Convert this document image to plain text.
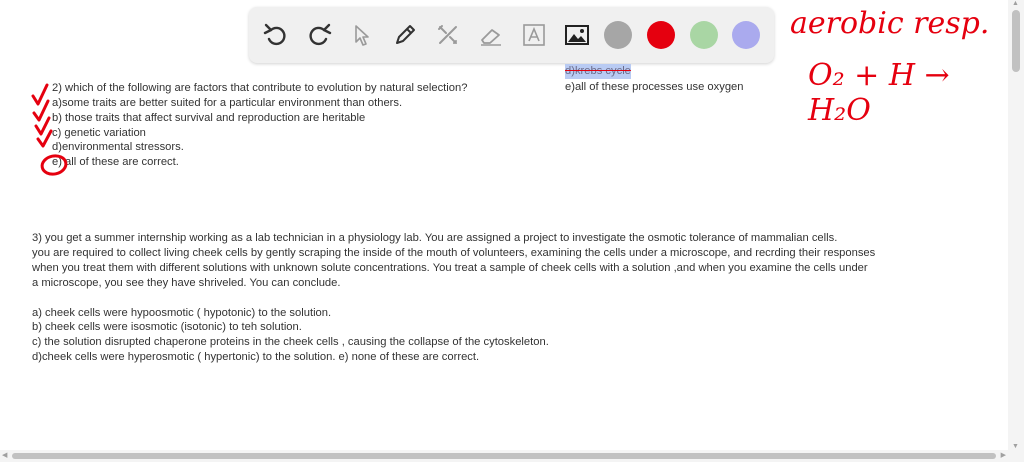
d)krebs cycle
e)all of these processes use oxygen
2) which of the following are factors that contribute to evolution by natural selection?
a)some traits are better suited for a particular environment than others.
b) those traits that affect survival and reproduction are heritable
c) genetic variation
d)environmental stressors.
e) all of these are correct.
3) you get a summer internship working as a lab technician in a physiology lab. You are assigned a project to investigate the osmotic tolerance of mammalian cells.
you are required to collect living cheek cells by gently scraping the inside of the mouth of volunteers, examining the cells under a microscope, and recrding their responses
when you treat them with different solutions with unknown solute concentrations. You treat a sample of cheek cells with a solution ,and when you examine the cells under
a microscope, you see they have shriveled. You can conclude.
a) cheek cells were hypoosmotic ( hypotonic) to the solution.
b) cheek cells were isosmotic (isotonic) to teh solution.
c) the solution disrupted chaperone proteins in the cheek cells , causing the collapse of the cytoskeleton.
d)cheek cells were hyperosmotic ( hypertonic) to the solution. e) none of these are correct.
aerobic resp.
O₂ + H → H₂O
▲
▼
◀	▶
